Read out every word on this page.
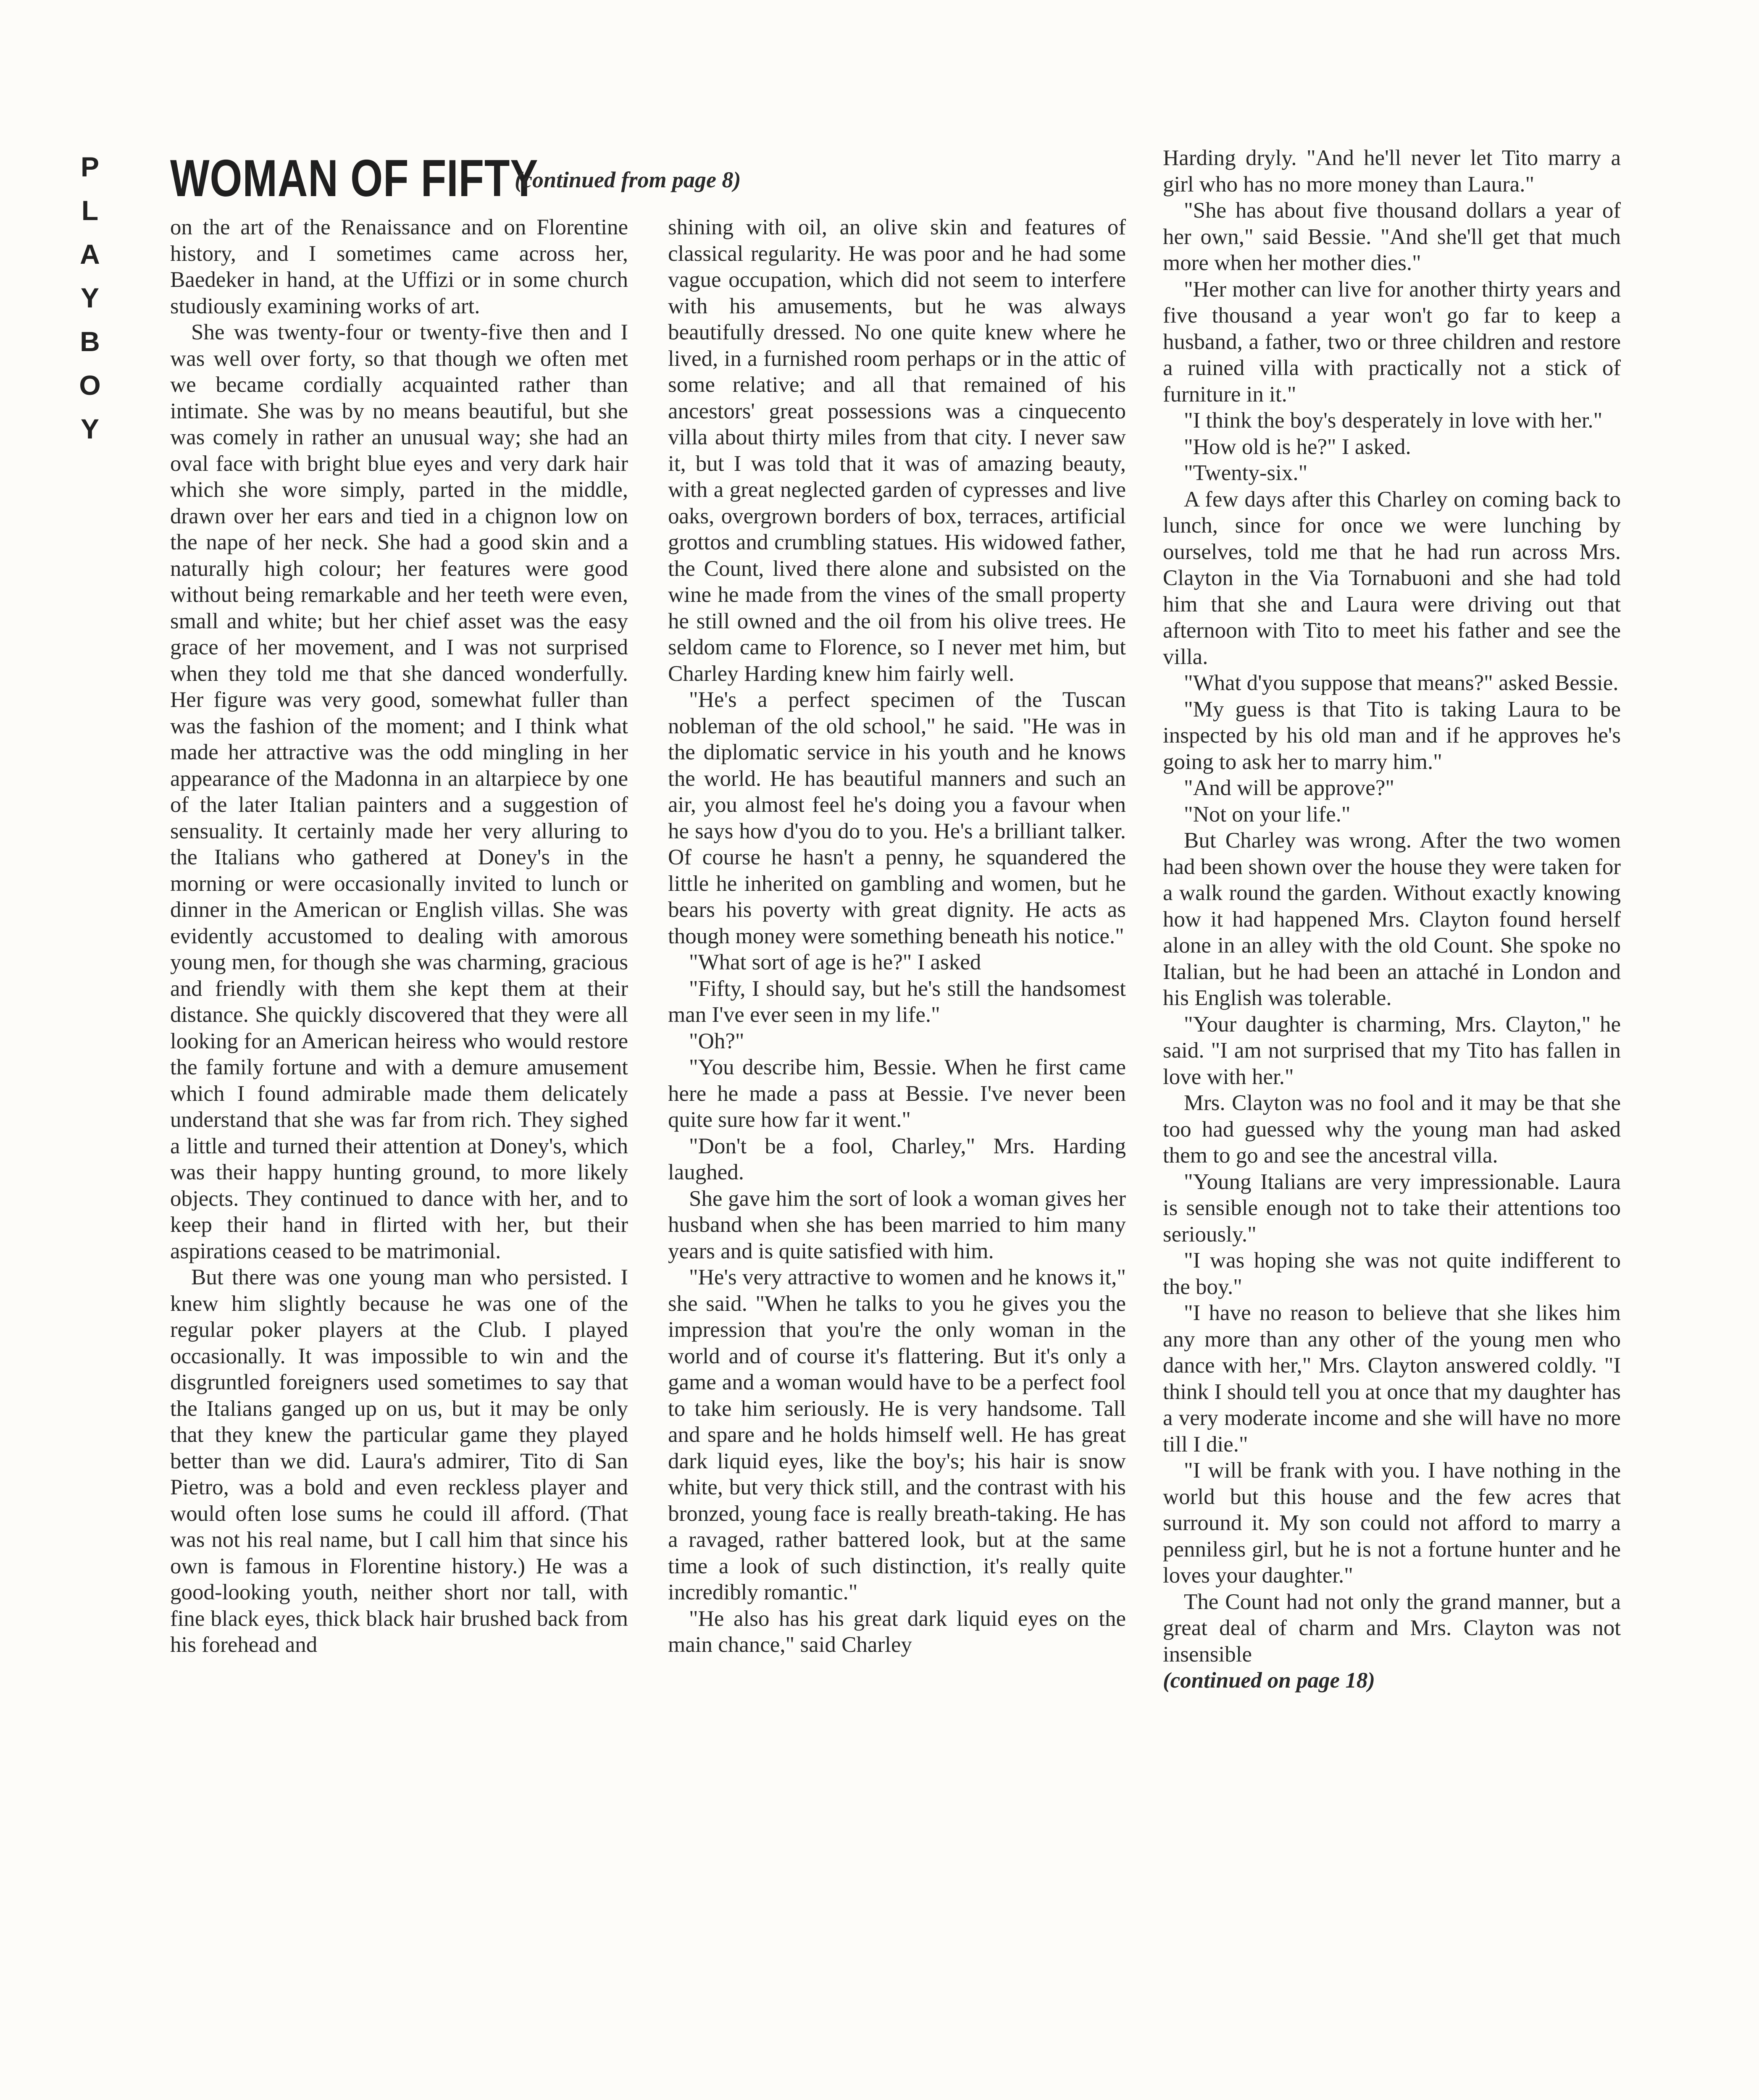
P
L
A
Y
B
O
Y
WOMAN OF FIFTY
(continued from page 8)

on the art of the Renaissance and on Florentine history, and I sometimes came across her, Baedeker in hand, at the Uffizi or in some church studiously examining works of art.

She was twenty-four or twenty-five then and I was well over forty, so that though we often met we became cordially acquainted rather than intimate. She was by no means beautiful, but she was comely in rather an unusual way; she had an oval face with bright blue eyes and very dark hair which she wore simply, parted in the middle, drawn over her ears and tied in a chignon low on the nape of her neck. She had a good skin and a naturally high colour; her features were good without being remarkable and her teeth were even, small and white; but her chief asset was the easy grace of her movement, and I was not surprised when they told me that she danced wonderfully. Her figure was very good, somewhat fuller than was the fashion of the moment; and I think what made her attractive was the odd mingling in her appearance of the Madonna in an altarpiece by one of the later Italian painters and a suggestion of sensuality. It certainly made her very alluring to the Italians who gathered at Doney's in the morning or were occasionally invited to lunch or dinner in the American or English villas. She was evidently accustomed to dealing with amorous young men, for though she was charming, gracious and friendly with them she kept them at their distance. She quickly discovered that they were all looking for an American heiress who would restore the family fortune and with a demure amusement which I found admirable made them delicately understand that she was far from rich. They sighed a little and turned their attention at Doney's, which was their happy hunting ground, to more likely objects. They continued to dance with her, and to keep their hand in flirted with her, but their aspirations ceased to be matrimonial.

But there was one young man who persisted. I knew him slightly because he was one of the regular poker players at the Club. I played occasionally. It was impossible to win and the disgruntled foreigners used sometimes to say that the Italians ganged up on us, but it may be only that they knew the particular game they played better than we did. Laura's admirer, Tito di San Pietro, was a bold and even reckless player and would often lose sums he could ill afford. (That was not his real name, but I call him that since his own is famous in Florentine history.) He was a good-looking youth, neither short nor tall, with fine black eyes, thick black hair brushed back from his forehead and

shining with oil, an olive skin and features of classical regularity. He was poor and he had some vague occupation, which did not seem to interfere with his amusements, but he was always beautifully dressed. No one quite knew where he lived, in a furnished room perhaps or in the attic of some relative; and all that remained of his ancestors' great possessions was a cinquecento villa about thirty miles from that city. I never saw it, but I was told that it was of amazing beauty, with a great neglected garden of cypresses and live oaks, overgrown borders of box, terraces, artificial grottos and crumbling statues. His widowed father, the Count, lived there alone and subsisted on the wine he made from the vines of the small property he still owned and the oil from his olive trees. He seldom came to Florence, so I never met him, but Charley Harding knew him fairly well.

"He's a perfect specimen of the Tuscan nobleman of the old school," he said. "He was in the diplomatic service in his youth and he knows the world. He has beautiful manners and such an air, you almost feel he's doing you a favour when he says how d'you do to you. He's a brilliant talker. Of course he hasn't a penny, he squandered the little he inherited on gambling and women, but he bears his poverty with great dignity. He acts as though money were something beneath his notice."

"What sort of age is he?" I asked

"Fifty, I should say, but he's still the handsomest man I've ever seen in my life."

"Oh?"

"You describe him, Bessie. When he first came here he made a pass at Bessie. I've never been quite sure how far it went."

"Don't be a fool, Charley," Mrs. Harding laughed.

She gave him the sort of look a woman gives her husband when she has been married to him many years and is quite satisfied with him.

"He's very attractive to women and he knows it," she said. "When he talks to you he gives you the impression that you're the only woman in the world and of course it's flattering. But it's only a game and a woman would have to be a perfect fool to take him seriously. He is very handsome. Tall and spare and he holds himself well. He has great dark liquid eyes, like the boy's; his hair is snow white, but very thick still, and the contrast with his bronzed, young face is really breath-taking. He has a ravaged, rather battered look, but at the same time a look of such distinction, it's really quite incredibly romantic."

"He also has his great dark liquid eyes on the main chance," said Charley

Harding dryly. "And he'll never let Tito marry a girl who has no more money than Laura."

"She has about five thousand dollars a year of her own," said Bessie. "And she'll get that much more when her mother dies."

"Her mother can live for another thirty years and five thousand a year won't go far to keep a husband, a father, two or three children and restore a ruined villa with practically not a stick of furniture in it."

"I think the boy's desperately in love with her."

"How old is he?" I asked.

"Twenty-six."

A few days after this Charley on coming back to lunch, since for once we were lunching by ourselves, told me that he had run across Mrs. Clayton in the Via Tornabuoni and she had told him that she and Laura were driving out that afternoon with Tito to meet his father and see the villa.

"What d'you suppose that means?" asked Bessie.

"My guess is that Tito is taking Laura to be inspected by his old man and if he approves he's going to ask her to marry him."

"And will be approve?"

"Not on your life."

But Charley was wrong. After the two women had been shown over the house they were taken for a walk round the garden. Without exactly knowing how it had happened Mrs. Clayton found herself alone in an alley with the old Count. She spoke no Italian, but he had been an attaché in London and his English was tolerable.

"Your daughter is charming, Mrs. Clayton," he said. "I am not surprised that my Tito has fallen in love with her."

Mrs. Clayton was no fool and it may be that she too had guessed why the young man had asked them to go and see the ancestral villa.

"Young Italians are very impressionable. Laura is sensible enough not to take their attentions too seriously."

"I was hoping she was not quite indifferent to the boy."

"I have no reason to believe that she likes him any more than any other of the young men who dance with her," Mrs. Clayton answered coldly. "I think I should tell you at once that my daughter has a very moderate income and she will have no more till I die."

"I will be frank with you. I have nothing in the world but this house and the few acres that surround it. My son could not afford to marry a penniless girl, but he is not a fortune hunter and he loves your daughter."

The Count had not only the grand manner, but a great deal of charm and Mrs. Clayton was not insensible

(continued on page 18)
